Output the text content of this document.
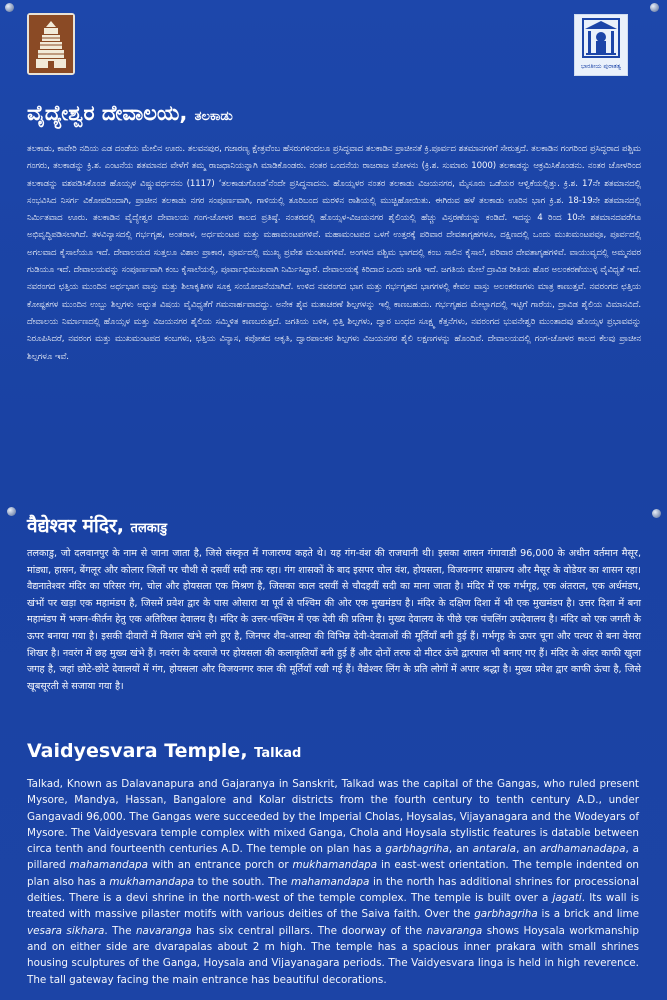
ಭಾರತೀಯ ಪುರಾತತ್ವ
ವೈದ್ಯೇಶ್ವರ ದೇವಾಲಯ, ತಲಕಾಡು
ತಲಕಾಡು, ಕಾವೇರಿ ನದಿಯ ಎಡ ದಂಡೆಯ ಮೇಲಿನ ಊರು. ತಲವನಪುರ, ಗಜಾರಣ್ಯ ಕ್ಷೇತ್ರವೆಂಬ ಹೆಸರುಗಳಿಂದಲೂ ಪ್ರಸಿದ್ಧವಾದ ತಲಕಾಡಿನ ಪ್ರಾಚೀನತೆ ಕ್ರಿ.ಪೂರ್ವದ ಶತಮಾನಗಳಿಗೆ ಸೇರುತ್ತದೆ. ತಲಕಾಡಿನ ಗಂಗರಿಂದ ಪ್ರಸಿದ್ಧರಾದ ಪಶ್ಚಿಮ ಗಂಗರು, ತಲಕಾಡನ್ನು ಕ್ರಿ.ಶ. ಎಂಟನೆಯ ಶತಮಾನದ ವೇಳೆಗೆ ತಮ್ಮ ರಾಜಧಾನಿಯನ್ನಾಗಿ ಮಾಡಿಕೊಂಡರು. ನಂತರ ಒಂದನೆಯ ರಾಜರಾಜ ಚೋಳನು (ಕ್ರಿ.ಶ. ಸುಮಾರು 1000) ತಲಕಾಡನ್ನು ಆಕ್ರಮಿಸಿಕೊಂಡನು. ನಂತರ ಚೋಳರಿಂದ ತಲಕಾಡನ್ನು ವಶಪಡಿಸಿಕೊಂಡ ಹೊಯ್ಸಳ ವಿಷ್ಣುವರ್ಧನನು (1117) ‘ತಲಕಾಡುಗೊಂಡ’ನೆಂದೇ ಪ್ರಸಿದ್ಧನಾದನು. ಹೊಯ್ಸಳರ ನಂತರ ತಲಕಾಡು ವಿಜಯನಗರ, ಮೈಸೂರು ಒಡೆಯರ ಆಳ್ವಿಕೆಯಲ್ಲಿತ್ತು. ಕ್ರಿ.ಶ. 17ನೇ ಶತಮಾನದಲ್ಲಿ ಸಂಭವಿಸಿದ ನಿಸರ್ಗ ವಿಕೋಪದಿಂದಾಗಿ, ಪ್ರಾಚೀನ ತಲಕಾಡು ನಗರ ಸಂಪೂರ್ಣವಾಗಿ, ಗಾಳಿಯಲ್ಲಿ ತೂರಿಬಂದ ಮರಳಿನ ರಾಶಿಯಲ್ಲಿ ಮುಚ್ಚಿಹೋಯಿತು. ಈಗಿರುವ ಹಳೆ ತಲಕಾಡು ಊರಿನ ಭಾಗ ಕ್ರಿ.ಶ. 18-19ನೇ ಶತಮಾನದಲ್ಲಿ ನಿರ್ಮಿತವಾದ ಊರು. ತಲಕಾಡಿನ ವೈದ್ಯೇಶ್ವರ ದೇವಾಲಯ ಗಂಗ-ಚೋಳರ ಕಾಲದ ಪ್ರತಿಷ್ಠೆ. ನಂತರದಲ್ಲಿ ಹೊಯ್ಸಳ-ವಿಜಯನಗರ ಶೈಲಿಯಲ್ಲಿ ಹೆಚ್ಚು ವಿಸ್ತರಣೆಯನ್ನು ಕಂಡಿದೆ. ಇದನ್ನು 4 ರಿಂದ 10ನೇ ಶತಮಾನದವರೆಗೂ ಅಭಿವೃದ್ಧಿಪಡಿಸಲಾಗಿದೆ. ತಳವಿನ್ಯಾಸದಲ್ಲಿ ಗರ್ಭಗೃಹ, ಅಂತರಾಳ, ಅರ್ಧಮಂಟಪ ಮತ್ತು ಮಹಾಮಂಟಪಗಳಿವೆ. ಮಹಾಮಂಟಪದ ಒಳಗೆ ಉತ್ತರಕ್ಕೆ ಪರಿವಾರ ದೇವತಾಗೃಹಗಳೂ, ದಕ್ಷಿಣದಲ್ಲಿ ಒಂದು ಮುಖಮಂಟಪವೂ, ಪೂರ್ವದಲ್ಲಿ ಅಗಲವಾದ ಕೈಸಾಲೆಯೂ ಇದೆ. ದೇವಾಲಯದ ಸುತ್ತಲೂ ವಿಶಾಲ ಪ್ರಾಕಾರ, ಪೂರ್ವದಲ್ಲಿ ಮುಖ್ಯ ಪ್ರವೇಶ ಮಂಟಪಗಳಿವೆ. ಅಂಗಳದ ಪಶ್ಚಿಮ ಭಾಗದಲ್ಲಿ ಕಂಬ ಸಾಲಿನ ಕೈಸಾಲೆ, ಪರಿವಾರ ದೇವತಾಗೃಹಗಳಿವೆ. ವಾಯುವ್ಯದಲ್ಲಿ ಅಮ್ಮನವರ ಗುಡಿಯೂ ಇದೆ. ದೇವಾಲಯವನ್ನು ಸಂಪೂರ್ಣವಾಗಿ ಕಂಬ ಕೈಸಾಲೆಯಲ್ಲಿ, ಪೂರ್ವಾಭಿಮುಖವಾಗಿ ನಿರ್ಮಿಸಿದ್ದಾರೆ. ದೇವಾಲಯಕ್ಕೆ ಕಿರಿದಾದ ಒಂದು ಜಗತಿ ಇದೆ. ಜಗತಿಯ ಮೇಲೆ ದ್ರಾವಿಡ ರೀತಿಯ ಹೊರ ಅಲಂಕರಣೆಯುಳ್ಳ ವೈವಿಧ್ಯತೆ ಇದೆ. ನವರಂಗದ ಛತ್ತಿಯ ಮುಂದಿನ ಅರ್ಧಭಾಗ ವಾಸ್ತು ಮತ್ತು ಶಿಲಾಕೃತಿಗಳ ಸೂಕ್ತ ಸಂಯೋಜನೆಯಾಗಿದೆ. ಉಳಿದ ನವರಂಗದ ಭಾಗ ಮತ್ತು ಗರ್ಭಗೃಹದ ಭಾಗಗಳಲ್ಲಿ ಕೇವಲ ವಾಸ್ತು ಅಲಂಕರಣಗಳು ಮಾತ್ರ ಕಾಣುತ್ತವೆ. ನವರಂಗದ ಛತ್ತಿಯ ಕೋಷ್ಟಕಗಳ ಮುಂದಿನ ಉಬ್ಬು ಶಿಲ್ಪಗಳು ಅಧ್ಬುತ ವಿಷಯ ವೈವಿಧ್ಯತೆಗೆ ಗಮನಾರ್ಹವಾದದ್ದು. ಅನೇಕ ಶೈವ ಮತಾಚರಣೆ ಶಿಲ್ಪಗಳನ್ನು ಇಲ್ಲಿ ಕಾಣಬಹುದು. ಗರ್ಭಗೃಹದ ಮೇಲ್ಭಾಗದಲ್ಲಿ ಇಟ್ಟಿಗೆ ಗಾರೆಯ, ದ್ರಾವಿಡ ಶೈಲಿಯ ವಿಮಾನವಿದೆ. ದೇವಾಲಯ ನಿರ್ಮಾಣದಲ್ಲಿ ಹೊಯ್ಸಳ ಮತ್ತು ವಿಜಯನಗರ ಶೈಲಿಯ ಸಮ್ಮಿಳಿತ ಕಾಣಬರುತ್ತದೆ. ಜಗತಿಯ ಬಳಿಕ, ಭಿತ್ತಿ ಶಿಲ್ಪಗಳು, ದ್ವಾರ ಬಂಧದ ಸೂಕ್ಷ್ಮ ಕೆತ್ತನೆಗಳು, ನವರಂಗದ ಭುವನೇಶ್ವರಿ ಮುಂತಾದವು ಹೊಯ್ಸಳ ಪ್ರಭಾವವನ್ನು ನಿರೂಪಿಸಿದರೆ, ನವರಂಗ ಮತ್ತು ಮುಖಮಂಟಪದ ಕಂಬಗಳು, ಛತ್ತಿಯ ವಿನ್ಯಾಸ, ಕಪೋತದ ಆಕೃತಿ, ದ್ವಾರಪಾಲಕರ ಶಿಲ್ಪಗಳು ವಿಜಯನಗರ ಶೈಲಿ ಲಕ್ಷಣಗಳನ್ನು ಹೊಂದಿವೆ. ದೇವಾಲಯದಲ್ಲಿ ಗಂಗ-ಚೋಳರ ಕಾಲದ ಕೆಲವು ಪ್ರಾಚೀನ ಶಿಲ್ಪಗಳೂ ಇವೆ.
वैद्येश्वर मंदिर, तलकाडु
तलकाडु, जो दलवानपुर के नाम से जाना जाता है, जिसे संस्कृत में गजारण्य कहते थे। यह गंग-वंश की राजधानी थी। इसका शासन गंगावाडी 96,000 के अधीन वर्तमान मैसूर, मांड्या, हासन, बेंगलूर और कोलार जिलों पर चौथी से दसवीं सदी तक रहा। गंग शासकों के बाद इसपर चोल वंश, होयसला, विजयनगर साम्राज्य और मैसूर के वोडेयर का शासन रहा। वैद्यनातेश्वर मंदिर का परिसर गंग, चोल और होयसला एक मिश्रण है, जिसका काल दसवीं से चौदहवीं सदी का माना जाता है। मंदिर में एक गर्भगृह, एक अंतराल, एक अर्धमंडप, खंभों पर खड़ा एक महामंडप है, जिसमें प्रवेश द्वार के पास ओसारा या पूर्व से पश्चिम की ओर एक मुखमंडप है। मंदिर के दक्षिण दिशा में भी एक मुखमंडप है। उत्तर दिशा में बना महामंडप में भजन-कीर्तन हेतु एक अतिरिक्त देवालय है। मंदिर के उत्तर-पश्चिम में एक देवी की प्रतिमा है। मुख्य देवालय के पीछे एक पंचलिंग उपदेवालय है। मंदिर को एक जगती के ऊपर बनाया गया है। इसकी दीवारों में विशाल खंभे लगे हुए है, जिनपर शैव-आस्था की विभिन्न देवी-देवताओं की मूर्तियाँ बनी हुई हैं। गर्भगृह के ऊपर चूना और पत्थर से बना वेसरा शिखर है। नवरंग में छह मुख्य खंभे हैं। नवरंग के दरवाजे पर होयसला की कलाकृतियाँ बनी हुई हैं और दोनों तरफ दो मीटर ऊंचे द्वारपाल भी बनाए गए हैं। मंदिर के अंदर काफी खुला जगह है, जहां छोटे-छोटे देवालयों में गंग, होयसला और विजयनगर काल की मूर्तियाँ रखी गई हैं। वैद्येश्वर लिंग के प्रति लोगों में अपार श्रद्धा है। मुख्य प्रवेश द्वार काफी ऊंचा है, जिसे खूबसूरती से सजाया गया है।
Vaidyesvara Temple, Talkad
Talkad, Known as Dalavanapura and Gajaranya in Sanskrit, Talkad was the capital of the Gangas, who ruled present Mysore, Mandya, Hassan, Bangalore and Kolar districts from the fourth century to tenth century A.D., under Gangavadi 96,000. The Gangas were succeeded by the Imperial Cholas, Hoysalas, Vijayanagara and the Wodeyars of Mysore. The Vaidyesvara temple complex with mixed Ganga, Chola and Hoysala stylistic features is datable between circa tenth and fourteenth centuries A.D. The temple on plan has a garbhagriha, an antarala, an ardhamanadapa, a pillared mahamandapa with an entrance porch or mukhamandapa in east-west orientation. The temple indented on plan also has a mukhamandapa to the south. The mahamandapa in the north has additional shrines for processional deities. There is a devi shrine in the north-west of the temple complex. The temple is built over a jagati. Its wall is treated with massive pilaster motifs with various deities of the Saiva faith. Over the garbhagriha is a brick and lime vesara sikhara. The navaranga has six central pillars. The doorway of the navaranga shows Hoysala workmanship and on either side are dvarapalas about 2 m high. The temple has a spacious inner prakara with small shrines housing sculptures of the Ganga, Hoysala and Vijayanagara periods. The Vaidyesvara linga is held in high reverence. The tall gateway facing the main entrance has beautiful decorations.
